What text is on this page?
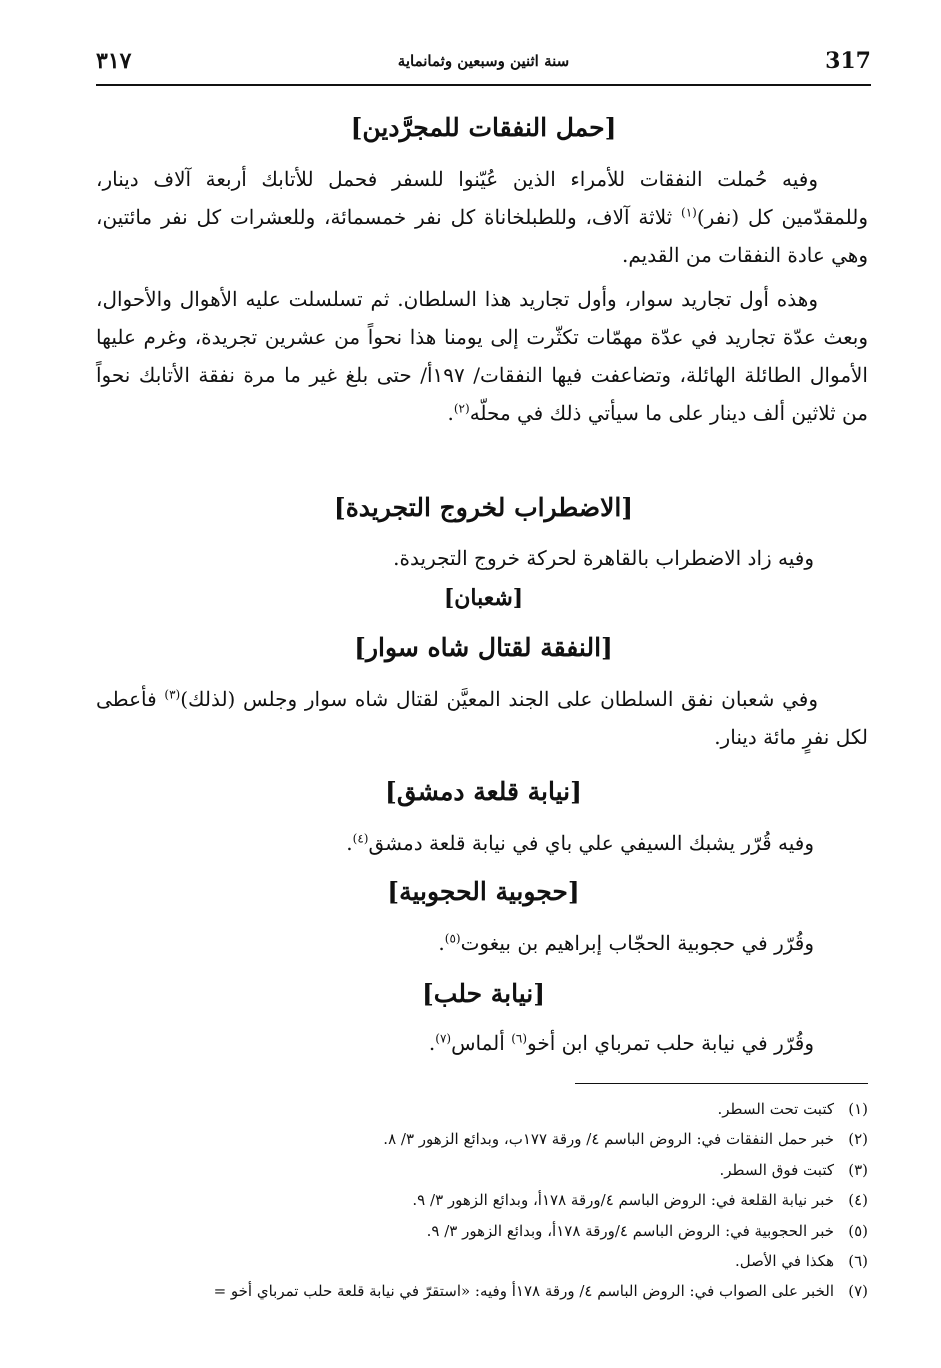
317
سنة اثنين وسبعين وثمانماية
٣١٧
[حمل النفقات للمجرَّدين]

وفيه حُملت النفقات للأمراء الذين عُيّنوا للسفر فحمل للأتابك أربعة آلاف دينار، وللمقدّمين كل (نفر)$^{(١)}$ ثلاثة آلاف، وللطبلخاناة كل نفر خمسمائة، وللعشرات كل نفر مائتين، وهي عادة النفقات من القديم.

وهذه أول تجاريد سوار، وأول تجاريد هذا السلطان. ثم تسلسلت عليه الأهوال والأحوال، وبعث عدّة تجاريد في عدّة مهمّات تكثّرت إلى يومنا هذا نحواً من عشرين تجريدة، وغرم عليها الأموال الطائلة الهائلة، وتضاعفت فيها النفقات/ ١٩٧أ/ حتى بلغ غير ما مرة نفقة الأتابك نحواً من ثلاثين ألف دينار على ما سيأتي ذلك في محلّه$^{(٢)}$.

[الاضطراب لخروج التجريدة]
وفيه زاد الاضطراب بالقاهرة لحركة خروج التجريدة.
[شعبان]
[النفقة لقتال شاه سوار]

وفي شعبان نفق السلطان على الجند المعيَّن لقتال شاه سوار وجلس (لذلك)$^{(٣)}$ فأعطى لكل نفرٍ مائة دينار.

[نيابة قلعة دمشق]
وفيه قُرّر يشبك السيفي علي باي في نيابة قلعة دمشق$^{(٤)}$.
[حجوبية الحجوبية]
وقُرّر في حجوبية الحجّاب إبراهيم بن بيغوت$^{(٥)}$.
[نيابة حلب]
وقُرّر في نيابة حلب تمرباي ابن أخو$^{(٦)}$ ألماس$^{(٧)}$.
(١)كتبت تحت السطر.
(٢)خبر حمل النفقات في: الروض الباسم ٤/ ورقة ١٧٧ب، وبدائع الزهور ٣/ ٨.
(٣)كتبت فوق السطر.
(٤)خبر نيابة القلعة في: الروض الباسم ٤/ورقة ١٧٨أ، وبدائع الزهور ٣/ ٩.
(٥)خبر الحجوبية في: الروض الباسم ٤/ورقة ١٧٨أ، وبدائع الزهور ٣/ ٩.
(٦)هكذا في الأصل.
(٧)الخبر على الصواب في: الروض الباسم ٤/ ورقة ١٧٨أ وفيه: «استقرّ في نيابة قلعة حلب تمرباي أخو =
